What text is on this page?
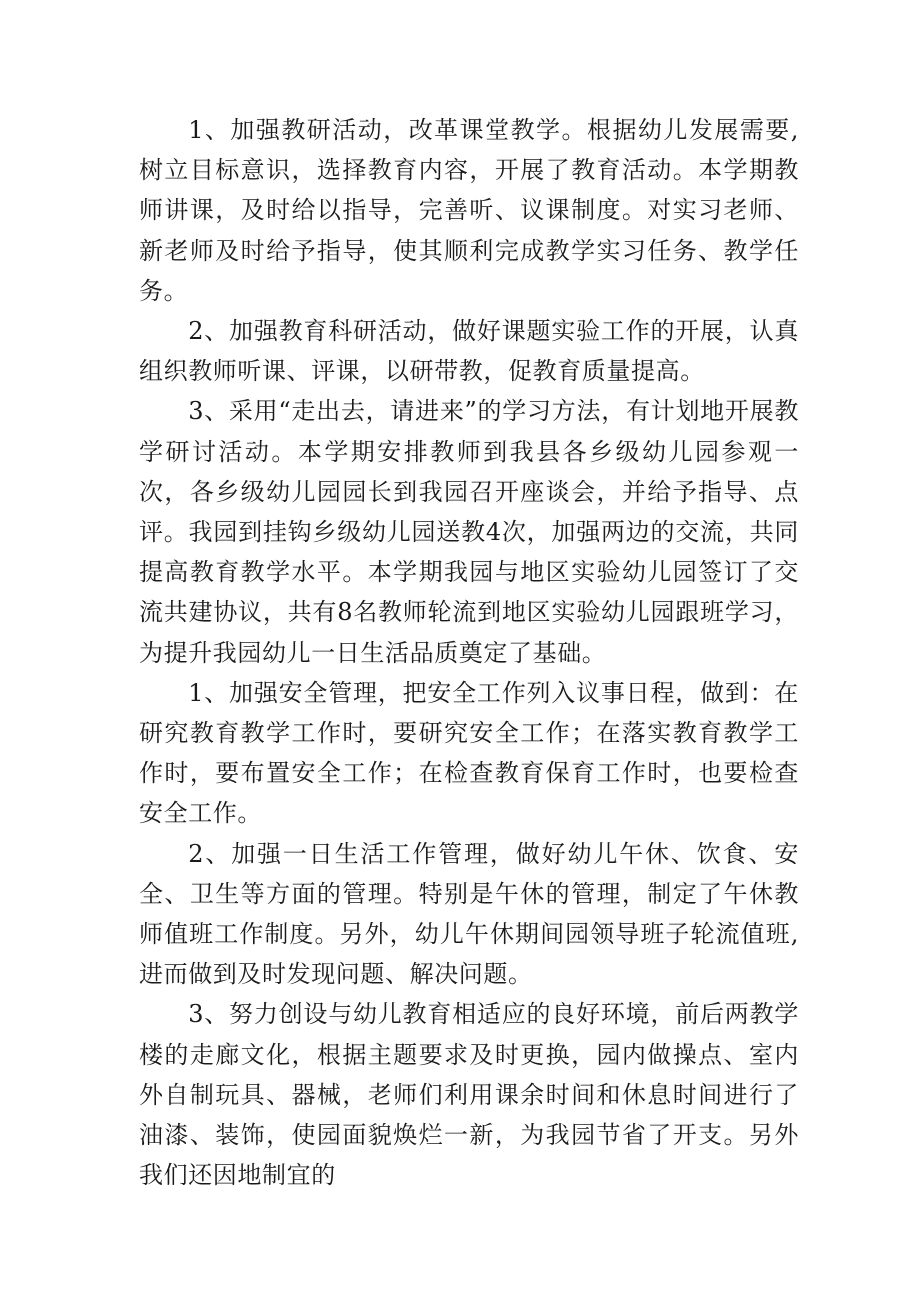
1、加强教研活动，改革课堂教学。根据幼儿发展需要,树立目标意识，选择教育内容，开展了教育活动。本学期教师讲课，及时给以指导，完善听、议课制度。对实习老师、新老师及时给予指导，使其顺利完成教学实习任务、教学任务。

2、加强教育科研活动，做好课题实验工作的开展，认真组织教师听课、评课，以研带教，促教育质量提高。

3、采用“走出去，请进来”的学习方法，有计划地开展教学研讨活动。本学期安排教师到我县各乡级幼儿园参观一次，各乡级幼儿园园长到我园召开座谈会，并给予指导、点评。我园到挂钩乡级幼儿园送教4次，加强两边的交流，共同提高教育教学水平。本学期我园与地区实验幼儿园签订了交流共建协议，共有8名教师轮流到地区实验幼儿园跟班学习，为提升我园幼儿一日生活品质奠定了基础。

1、加强安全管理，把安全工作列入议事日程，做到：在研究教育教学工作时，要研究安全工作；在落实教育教学工作时，要布置安全工作；在检查教育保育工作时，也要检查安全工作。

2、加强一日生活工作管理，做好幼儿午休、饮食、安全、卫生等方面的管理。特别是午休的管理，制定了午休教师值班工作制度。另外，幼儿午休期间园领导班子轮流值班,进而做到及时发现问题、解决问题。

3、努力创设与幼儿教育相适应的良好环境，前后两教学楼的走廊文化，根据主题要求及时更换，园内做操点、室内外自制玩具、器械，老师们利用课余时间和休息时间进行了油漆、装饰，使园面貌焕烂一新，为我园节省了开支。另外我们还因地制宜的
